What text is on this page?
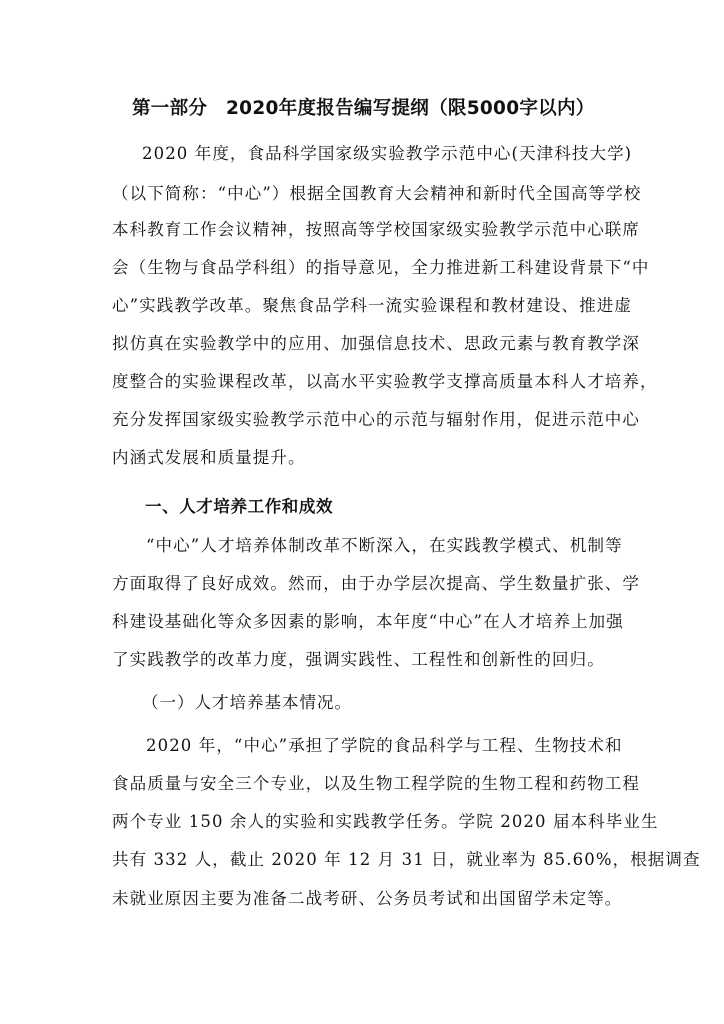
第一部分　2020年度报告编写提纲（限5000字以内）
2020 年度，食品科学国家级实验教学示范中心(天津科技大学)
（以下简称：“中心”）根据全国教育大会精神和新时代全国高等学校
本科教育工作会议精神，按照高等学校国家级实验教学示范中心联席
会（生物与食品学科组）的指导意见，全力推进新工科建设背景下“中
心”实践教学改革。聚焦食品学科一流实验课程和教材建设、推进虚
拟仿真在实验教学中的应用、加强信息技术、思政元素与教育教学深
度整合的实验课程改革，以高水平实验教学支撑高质量本科人才培养，
充分发挥国家级实验教学示范中心的示范与辐射作用，促进示范中心
内涵式发展和质量提升。
一、人才培养工作和成效
“中心”人才培养体制改革不断深入，在实践教学模式、机制等
方面取得了良好成效。然而，由于办学层次提高、学生数量扩张、学
科建设基础化等众多因素的影响，本年度“中心”在人才培养上加强
了实践教学的改革力度，强调实践性、工程性和创新性的回归。
（一）人才培养基本情况。
2020 年，“中心”承担了学院的食品科学与工程、生物技术和
食品质量与安全三个专业，以及生物工程学院的生物工程和药物工程
两个专业 150 余人的实验和实践教学任务。学院 2020 届本科毕业生
共有 332 人，截止 2020 年 12 月 31 日，就业率为 85.60%，根据调查
未就业原因主要为准备二战考研、公务员考试和出国留学未定等。
